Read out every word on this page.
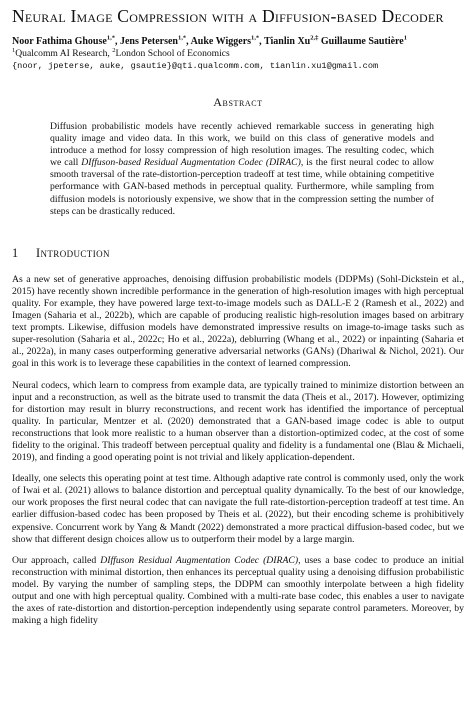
Neural Image Compression with a Diffusion-based Decoder
Noor Fathima Ghouse$^{1,*}$, Jens Petersen$^{1,*}$, Auke Wiggers$^{1,*}$, Tianlin $Xu^{2,\ddagger}$ Guillaume Sautière$^1$
$^1$Qualcomm AI Research, $^2$London School of Economics
{noor, jpeterse, auke, gsautie}@qti.qualcomm.com, tianlin.xu1@gmail.com
Abstract
Diffusion probabilistic models have recently achieved remarkable success in generating high quality image and video data. In this work, we build on this class of generative models and introduce a method for lossy compression of high resolution images. The resulting codec, which we call DIffuson-based Residual Augmentation Codec (DIRAC), is the first neural codec to allow smooth traversal of the rate-distortion-perception tradeoff at test time, while obtaining competitive performance with GAN-based methods in perceptual quality. Furthermore, while sampling from diffusion models is notoriously expensive, we show that in the compression setting the number of steps can be drastically reduced.
1 Introduction
As a new set of generative approaches, denoising diffusion probabilistic models (DDPMs) (Sohl-Dickstein et al., 2015) have recently shown incredible performance in the generation of high-resolution images with high perceptual quality. For example, they have powered large text-to-image models such as DALL-E 2 (Ramesh et al., 2022) and Imagen (Saharia et al., 2022b), which are capable of producing realistic high-resolution images based on arbitrary text prompts. Likewise, diffusion models have demonstrated impressive results on image-to-image tasks such as super-resolution (Saharia et al., 2022c; Ho et al., 2022a), deblurring (Whang et al., 2022) or inpainting (Saharia et al., 2022a), in many cases outperforming generative adversarial networks (GANs) (Dhariwal & Nichol, 2021). Our goal in this work is to leverage these capabilities in the context of learned compression.
Neural codecs, which learn to compress from example data, are typically trained to minimize distortion between an input and a reconstruction, as well as the bitrate used to transmit the data (Theis et al., 2017). However, optimizing for distortion may result in blurry reconstructions, and recent work has identified the importance of perceptual quality. In particular, Mentzer et al. (2020) demonstrated that a GAN-based image codec is able to output reconstructions that look more realistic to a human observer than a distortion-optimized codec, at the cost of some fidelity to the original. This tradeoff between perceptual quality and fidelity is a fundamental one (Blau & Michaeli, 2019), and finding a good operating point is not trivial and likely application-dependent.
Ideally, one selects this operating point at test time. Although adaptive rate control is commonly used, only the work of Iwai et al. (2021) allows to balance distortion and perceptual quality dynamically. To the best of our knowledge, our work proposes the first neural codec that can navigate the full rate-distortion-perception tradeoff at test time. An earlier diffusion-based codec has been proposed by Theis et al. (2022), but their encoding scheme is prohibitively expensive. Concurrent work by Yang & Mandt (2022) demonstrated a more practical diffusion-based codec, but we show that different design choices allow us to outperform their model by a large margin.
Our approach, called DIffuson Residual Augmentation Codec (DIRAC), uses a base codec to produce an initial reconstruction with minimal distortion, then enhances its perceptual quality using a denoising diffusion probabilistic model. By varying the number of sampling steps, the DDPM can smoothly interpolate between a high fidelity output and one with high perceptual quality. Combined with a multi-rate base codec, this enables a user to navigate the axes of rate-distortion and distortion-perception independently using separate control parameters. Moreover, by making a high fidelity
